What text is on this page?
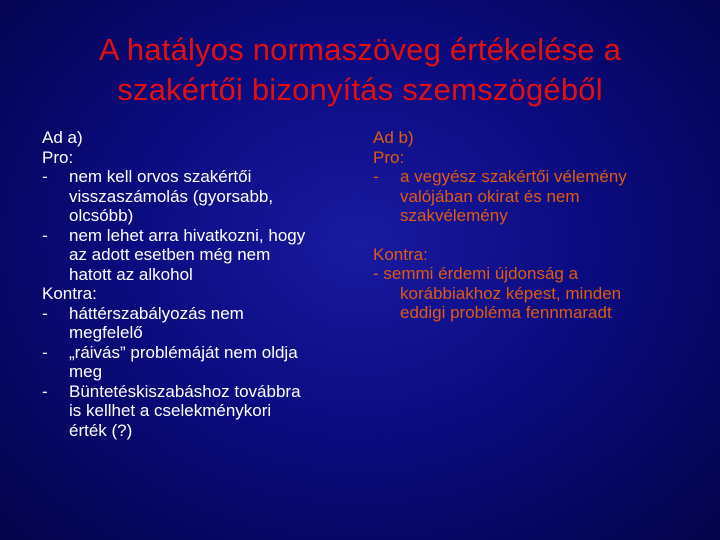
A hatályos normaszöveg értékelése a
szakértői bizonyítás szemszögéből
Ad a)
Pro:
- nem kell orvos szakértői
visszaszámolás (gyorsabb,
olcsóbb)
- nem lehet arra hivatkozni, hogy
az adott esetben még nem
hatott az alkohol
Kontra:
- háttérszabályozás nem
megfelelő
- „ráivás” problémáját nem oldja
meg
- Büntetéskiszabáshoz továbbra
is kellhet a cselekménykori
érték (?)
Ad b)
Pro:
- a vegyész szakértői vélemény
valójában okirat és nem
szakvélemény
Kontra:
- semmi érdemi újdonság a
korábbiakhoz képest, minden
eddigi probléma fennmaradt
